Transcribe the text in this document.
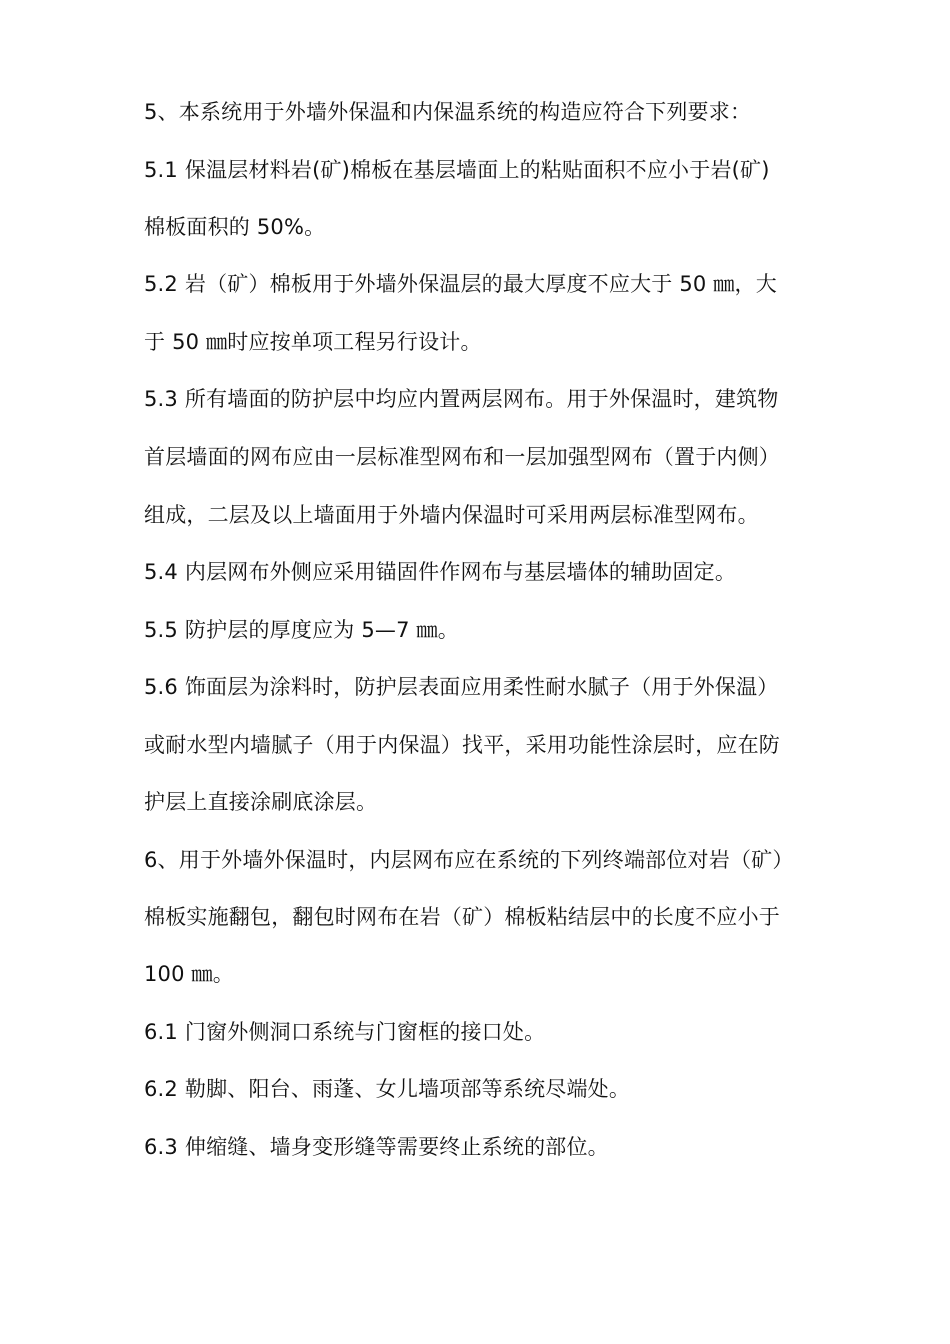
5、本系统用于外墙外保温和内保温系统的构造应符合下列要求：
5.1 保温层材料岩(矿)棉板在基层墙面上的粘贴面积不应小于岩(矿)
棉板面积的 50%。
5.2 岩（矿）棉板用于外墙外保温层的最大厚度不应大于 50 ㎜，大
于 50 ㎜时应按单项工程另行设计。
5.3 所有墙面的防护层中均应内置两层网布。用于外保温时，建筑物
首层墙面的网布应由一层标准型网布和一层加强型网布（置于内侧）
组成，二层及以上墙面用于外墙内保温时可采用两层标准型网布。
5.4 内层网布外侧应采用锚固件作网布与基层墙体的辅助固定。
5.5 防护层的厚度应为 5—7 ㎜。
5.6 饰面层为涂料时，防护层表面应用柔性耐水腻子（用于外保温）
或耐水型内墙腻子（用于内保温）找平，采用功能性涂层时，应在防
护层上直接涂刷底涂层。
6、用于外墙外保温时，内层网布应在系统的下列终端部位对岩（矿）
棉板实施翻包，翻包时网布在岩（矿）棉板粘结层中的长度不应小于
100 ㎜。
6.1 门窗外侧洞口系统与门窗框的接口处。
6.2 勒脚、阳台、雨蓬、女儿墙项部等系统尽端处。
6.3 伸缩缝、墙身变形缝等需要终止系统的部位。
